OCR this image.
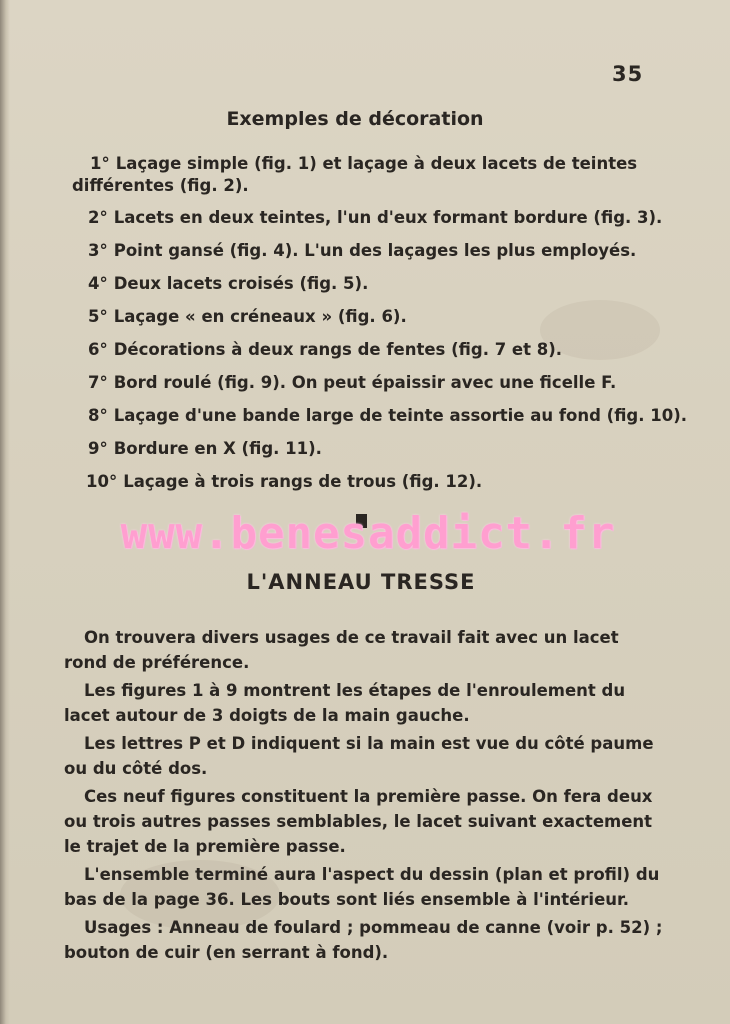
35
Exemples de décoration
1° Laçage simple (fig. 1) et laçage à deux lacets de teintes différentes (fig. 2).
2° Lacets en deux teintes, l'un d'eux formant bordure (fig. 3).
3° Point gansé (fig. 4). L'un des laçages les plus employés.
4° Deux lacets croisés (fig. 5).
5° Laçage « en créneaux » (fig. 6).
6° Décorations à deux rangs de fentes (fig. 7 et 8).
7° Bord roulé (fig. 9). On peut épaissir avec une ficelle F.
8° Laçage d'une bande large de teinte assortie au fond (fig. 10).
9° Bordure en X (fig. 11).
10° Laçage à trois rangs de trous (fig. 12).
www.benesaddict.fr
L'ANNEAU TRESSE

On trouvera divers usages de ce travail fait avec un lacet rond de préférence.

Les figures 1 à 9 montrent les étapes de l'enroulement du lacet autour de 3 doigts de la main gauche.

Les lettres P et D indiquent si la main est vue du côté paume ou du côté dos.

Ces neuf figures constituent la première passe. On fera deux ou trois autres passes semblables, le lacet suivant exactement le trajet de la première passe.

L'ensemble terminé aura l'aspect du dessin (plan et profil) du bas de la page 36. Les bouts sont liés ensemble à l'intérieur.

Usages : Anneau de foulard ; pommeau de canne (voir p. 52) ; bouton de cuir (en serrant à fond).
